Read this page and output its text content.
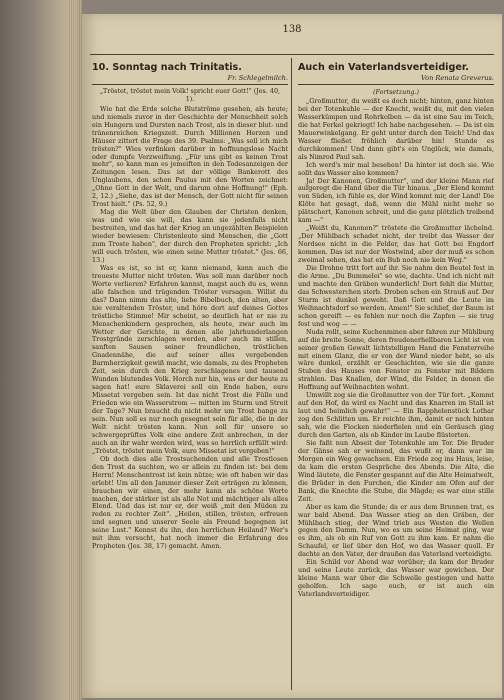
138
10. Sonntag nach Trinitatis.
Fr. Schlegelmilch.
„Tröstet, tröstet mein Volk! spricht euer Gott!" (Jes. 40, 1).

Wie hat die Erde solche Blutströme gesehen, als heute; und niemals zuvor in der Geschichte der Menschheit solch ein Hungern und Dursten nach Trost, als in dieser blut- und tränenreichen Kriegszeit. Durch Millionen Herzen und Häuser zittert die Frage des 39. Psalms: „Was soll ich mich trösten?" Wies verfinken darüber in hoffnungslose Nacht oder dumpfe Verzweiflung. „Für uns gibt es keinen Trost mehr", so kann man es jemeiften in den Todesanzeigen der Zeitungen lesen. Das ist der völlige Bankerott des Unglaubens, den schon Paulus mit den Worten zeichnet: „Ohne Gott in der Welt, und darum ohne Hoffnung!" (Eph. 2, 12.) „Siehe, das ist der Mensch, der Gott nicht für seinen Trost hielt." (Ps. 52, 9.)

Mag die Welt über den Glauben der Christen denken, was und wie sie will, das kann sie jedenfalls nicht bestreiten, und das hat der Krieg an ungezählten Beispielen wieder bewiesen: Christenleute sind Menschen, die „Gott zum Troste haben", der durch den Propheten spricht: „Ich will euch trösten, wie einen seine Mutter tröstet." (Jes. 66, 13.)

Was es ist, so ist er, kann niemand, kann auch die treueste Mutter nicht trösten. Was soll man darüber noch Worte verlieren? Erfahren kannst, magst auch du es, wenn alle falschen und trügenden Tröster versagen. Willst du das? Dann nimm das alte, liebe Bibelbuch, den alten, aber nie veraltenden Tröster, und höre dort auf deines Gottes tröstliche Stimme! Mir scheint, so deutlich hat er nie zu Menschenkindern gesprochen, als heute, zwar auch im Wetter der Gerichte, in denen alle jahrhunderlangen Trostgründe zerschlagen werden, aber auch im stillen, sanften Sausen seiner freundlichen, tröstlichen Gnadennähe, die auf seiner alles vergebenden Barmherzigkeit gewiß macht, wie damals, zu des Propheten Zeit, sein durch den Krieg zerschlagenes und tausend Wunden blutendes Volk. Horch nur hin, was er der heute zu sagen hat! eure Sklaverei soll ein Ende haben, eure Missetat vergeben sein. Ist das nicht Trost die Fülle und Frieden wie ein Wasserstrom — mitten im Sturm und Streit der Tage? Nun braucht du nicht mehr um Trost bange zu sein. Nun soll es nur noch gesegnet sein für alle, die in der Welt nicht trösten kann. Nun soll für unsere so schwergeprüftes Volk eine andere Zeit anbrechen, in der auch an ihr wahr werden wird, was so herrlich erfüllt wird: „Tröstet, tröstet mein Volk, eure Missetat ist vergeben!"

Ob doch dies alle Trostsuchenden und alle Trostlosen den Trost da suchten, wo er allein zu finden ist: bei dem Herrn! Menschentrost ist kein nütze; wie oft haben wir das erlebt! Um all den Jammer dieser Zeit erträgen zu können, brauchen wir einen, der mehr kann als schöne Worte machen, der stärker ist als alle Not und mächtiger als alles Elend. Und das ist nur er, der weiß „mit den Müden zu reden zu rechter Zeit". „Heilen, stillen, trösten, erfreuen und segnen und unserer Seele als Freund begegnen ist seine Lust." Kennst du ihn, den herrlichen Heiland? Wer's mit ihm versucht, hat noch immer die Erfahrung des Propheten (Jes. 38, 17) gemacht. Amen.

Auch ein Vaterlandsverteidiger.
Von Renata Greverus.
(Fortsetzung.)

„Großmutter, du weißt es doch nicht; hinten, ganz hinten bei der Totenkuhle — der Knecht, weißt du, mit den vielen Wasserkümpen und Rohrkolben — da ist eine Sau im Teich, die hat Ferkel gekriegt! Ich habe nachgesehen. — Da ist ein Mauerwinkelgang. Er geht unter durch den Teich! Und das Wasser fließet fröhlich darüber hin! Stunde es durchkommen! Und dann gibt's ein Unglück, wie damals, als Nimrod Paul sah.

Ich werd's mir mal besehen! Da hinter ist doch sie. Wie sollt das Wasser also kommen?

Ja! Der Kanonen, Großmutter", und der kleine Mann rief aufgeregt die Hand über die Tür hinaus. „Der Elend kommt von Süden, ich fühle es, der Wind kommt mir, der Land! Die Klöte hat gesagt, daß, wenn die Mühl nicht mehr so plätschert, Kanonen schreit, und die ganz plötzlich treibend kam —"

„Weißt du, Kanonen?" tröstete die Großmutter lächelnd. „Der Mühlbach schadet nicht, der treibt das Wasser der Nordsee nicht in die Felder, das hat Gott bei Engdorf kommen. Das ist nur der Westwind, aber der muß es schon zweimal sehen, das hat ein Bub noch nie kein Weg."

Die Drohne tritt fort auf ihr. Sie nahm den Beutel fest in die Arme. „Du Bummelei" so wie, dachte. Und ich nicht mit und machte den Gräben wunderlich! Dort fehlt die Mutter, das Schwesterchen sterb. Droben schen ein Strauß auf. Der Sturm ist dunkel geweht. Daß Gott und die Leute im Weihnachtsdorf so werden. Amen!" Sie schlief, der Baum ist schon gereift — es fehlen nur noch die Zapfen — sie trug fest und wog — —

Nuda rollt, seine Kuchenminen aber fahren zur Mühlburg auf die breite Sonne, deren freudenerhellbaren Licht ist von seiner großen Gewalt lichtstelligen Hand die Fensterreihe mit einem Glanz, die er von der Wand nieder hebt, so als wäre dunkel, erzählt er Geschichten, wie sie die ganze Stuben des Hauses von Fenster zu Fenster mit Bildern strahlen. Das Knallen, der Wind, die Felder, in denen die Hoffnung auf Weihnachten wohnt.

Umwillt zog sie die Großmutter von der Tür fort. „Kommt auf den Hof, da wird es Nacht und das Knarren im Stall ist laut und heimlich gewahr!" — Ein Rapphelenstück Lothar zog den Schlitten um. Er reichte ihm, damit er nach hinten sah, wie die Flocken niederfielen und ein Geräusch ging durch den Garten, als ob Kinder im Laube flüsterten.

Sie faßt nun Abseit der Totenkuhle am Tor. Die Bruder der Gänse sah er weinend, das wußt er, dann war im Morgen ein Weg gewachsen. Ein Friede zog ins Haus, leise, da kam die ersten Gespräche des Abends. Die Alte, die Wind läutete, die Fenster gespannt auf die Alte Heimatwelt, die Brüder in den Furchen, die Kinder am Ofen auf der Bank, die Knechte die Stube, die Mägde; es war eine stille Zeit.

Aber es kam die Stunde; da er aus dem Brunnen trat, es war bald Abend. Das Wasser stieg an den Gräben, der Mühlbach stieg, der Wind trieb aus Westen die Wellen gegen den Damm. Nun, wo es um seine Heimat ging, war es ihm, als ob ein Ruf von Gott zu ihm kam. Er nahm die Schaufel, er lief über den Hof, wo das Wasser quoll. Er dachte an den Vater, der draußen das Vaterland verteidigte.

Ein Schild vor Abend war vorüber; da kam der Bruder und seine Leute zurück, das Wasser war gewichen. Der kleine Mann war über die Schwelle gestiegen und hatte geholfen. Ich sage euch, er ist auch ein Vaterlandsverteidiger.
